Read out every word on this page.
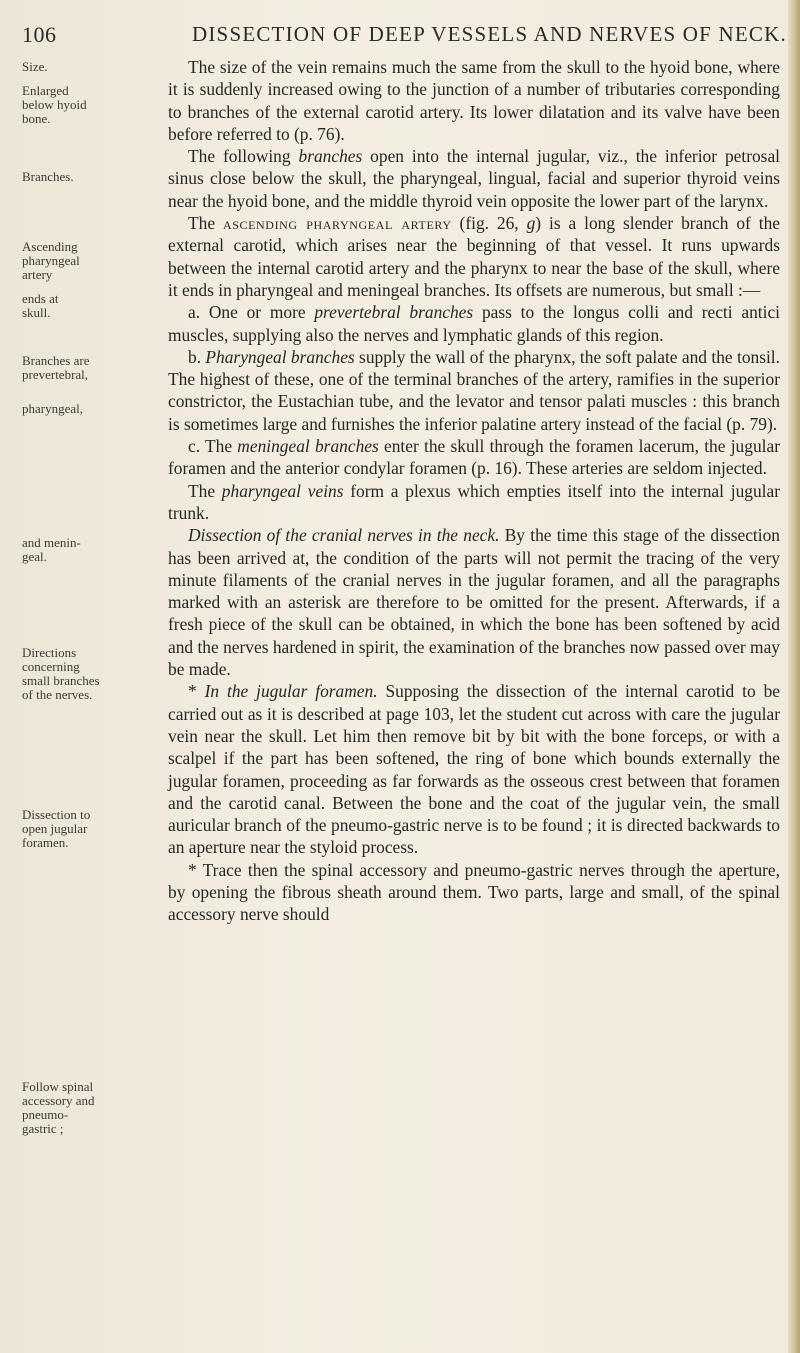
106	DISSECTION OF DEEP VESSELS AND NERVES OF NECK.
Size.
Enlarged below hyoid bone.
Branches.
Ascending pharyngeal artery
ends at skull.
Branches are prevertebral,
pharyngeal,
and meningeal.
Directions concerning small branches of the nerves.
Dissection to open jugular foramen.
Follow spinal accessory and pneumogastric ;

The size of the vein remains much the same from the skull to the hyoid bone, where it is suddenly increased owing to the junction of a number of tributaries corresponding to branches of the external carotid artery. Its lower dilatation and its valve have been before referred to (p. 76).

The following branches open into the internal jugular, viz., the inferior petrosal sinus close below the skull, the pharyngeal, lingual, facial and superior thyroid veins near the hyoid bone, and the middle thyroid vein opposite the lower part of the larynx.

The ascending pharyngeal artery (fig. 26, g) is a long slender branch of the external carotid, which arises near the beginning of that vessel. It runs upwards between the internal carotid artery and the pharynx to near the base of the skull, where it ends in pharyngeal and meningeal branches. Its offsets are numerous, but small :—

a. One or more prevertebral branches pass to the longus colli and recti antici muscles, supplying also the nerves and lymphatic glands of this region.

b. Pharyngeal branches supply the wall of the pharynx, the soft palate and the tonsil. The highest of these, one of the terminal branches of the artery, ramifies in the superior constrictor, the Eustachian tube, and the levator and tensor palati muscles : this branch is sometimes large and furnishes the inferior palatine artery instead of the facial (p. 79).

c. The meningeal branches enter the skull through the foramen lacerum, the jugular foramen and the anterior condylar foramen (p. 16). These arteries are seldom injected.

The pharyngeal veins form a plexus which empties itself into the internal jugular trunk.

Dissection of the cranial nerves in the neck. By the time this stage of the dissection has been arrived at, the condition of the parts will not permit the tracing of the very minute filaments of the cranial nerves in the jugular foramen, and all the paragraphs marked with an asterisk are therefore to be omitted for the present. Afterwards, if a fresh piece of the skull can be obtained, in which the bone has been softened by acid and the nerves hardened in spirit, the examination of the branches now passed over may be made.

* In the jugular foramen. Supposing the dissection of the internal carotid to be carried out as it is described at page 103, let the student cut across with care the jugular vein near the skull. Let him then remove bit by bit with the bone forceps, or with a scalpel if the part has been softened, the ring of bone which bounds externally the jugular foramen, proceeding as far forwards as the osseous crest between that foramen and the carotid canal. Between the bone and the coat of the jugular vein, the small auricular branch of the pneumo-gastric nerve is to be found ; it is directed backwards to an aperture near the styloid process.

* Trace then the spinal accessory and pneumo-gastric nerves through the aperture, by opening the fibrous sheath around them. Two parts, large and small, of the spinal accessory nerve should
